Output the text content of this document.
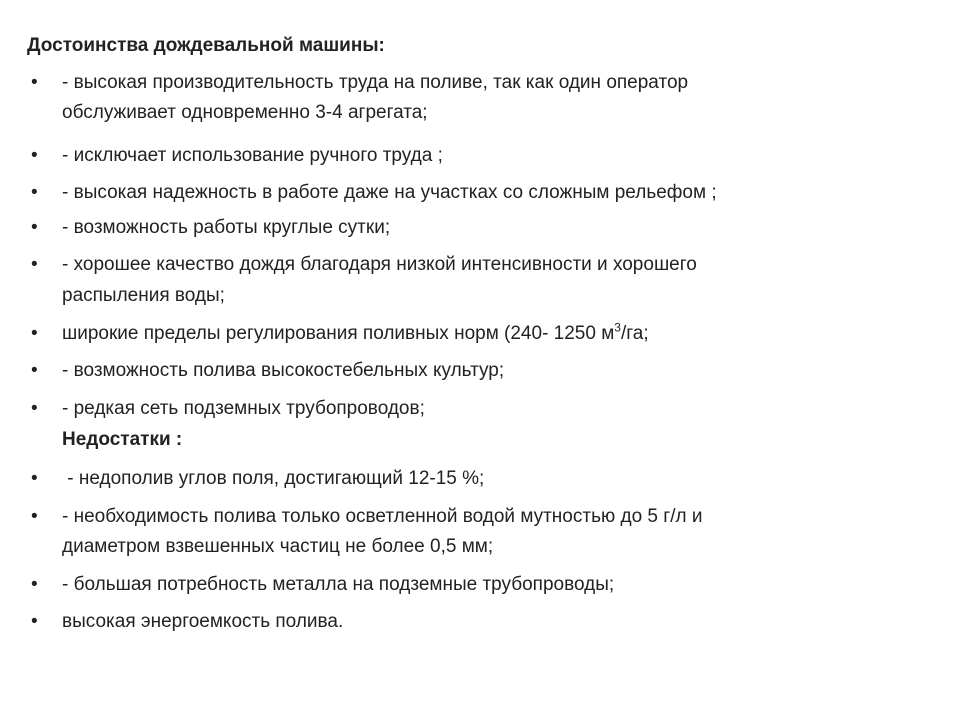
Достоинства дождевальной машины:
• - высокая производительность труда на поливе, так как один оператор
обслуживает одновременно 3-4 агрегата;
• - исключает использование ручного труда ;
• - высокая надежность в работе даже на участках со сложным рельефом ;
• - возможность работы круглые сутки;
• - хорошее качество дождя благодаря низкой интенсивности и хорошего
распыления воды;
• широкие пределы регулирования поливных норм (240- 1250 $м^3/га$;
• - возможность полива высокостебельных культур;
• - редкая сеть подземных трубопроводов;
Недостатки :
• - недополив углов поля, достигающий 12-15 %;
• - необходимость полива только осветленной водой мутностью до 5 г/л и
диаметром взвешенных частиц не более 0,5 мм;
• - большая потребность металла на подземные трубопроводы;
• высокая энергоемкость полива.
